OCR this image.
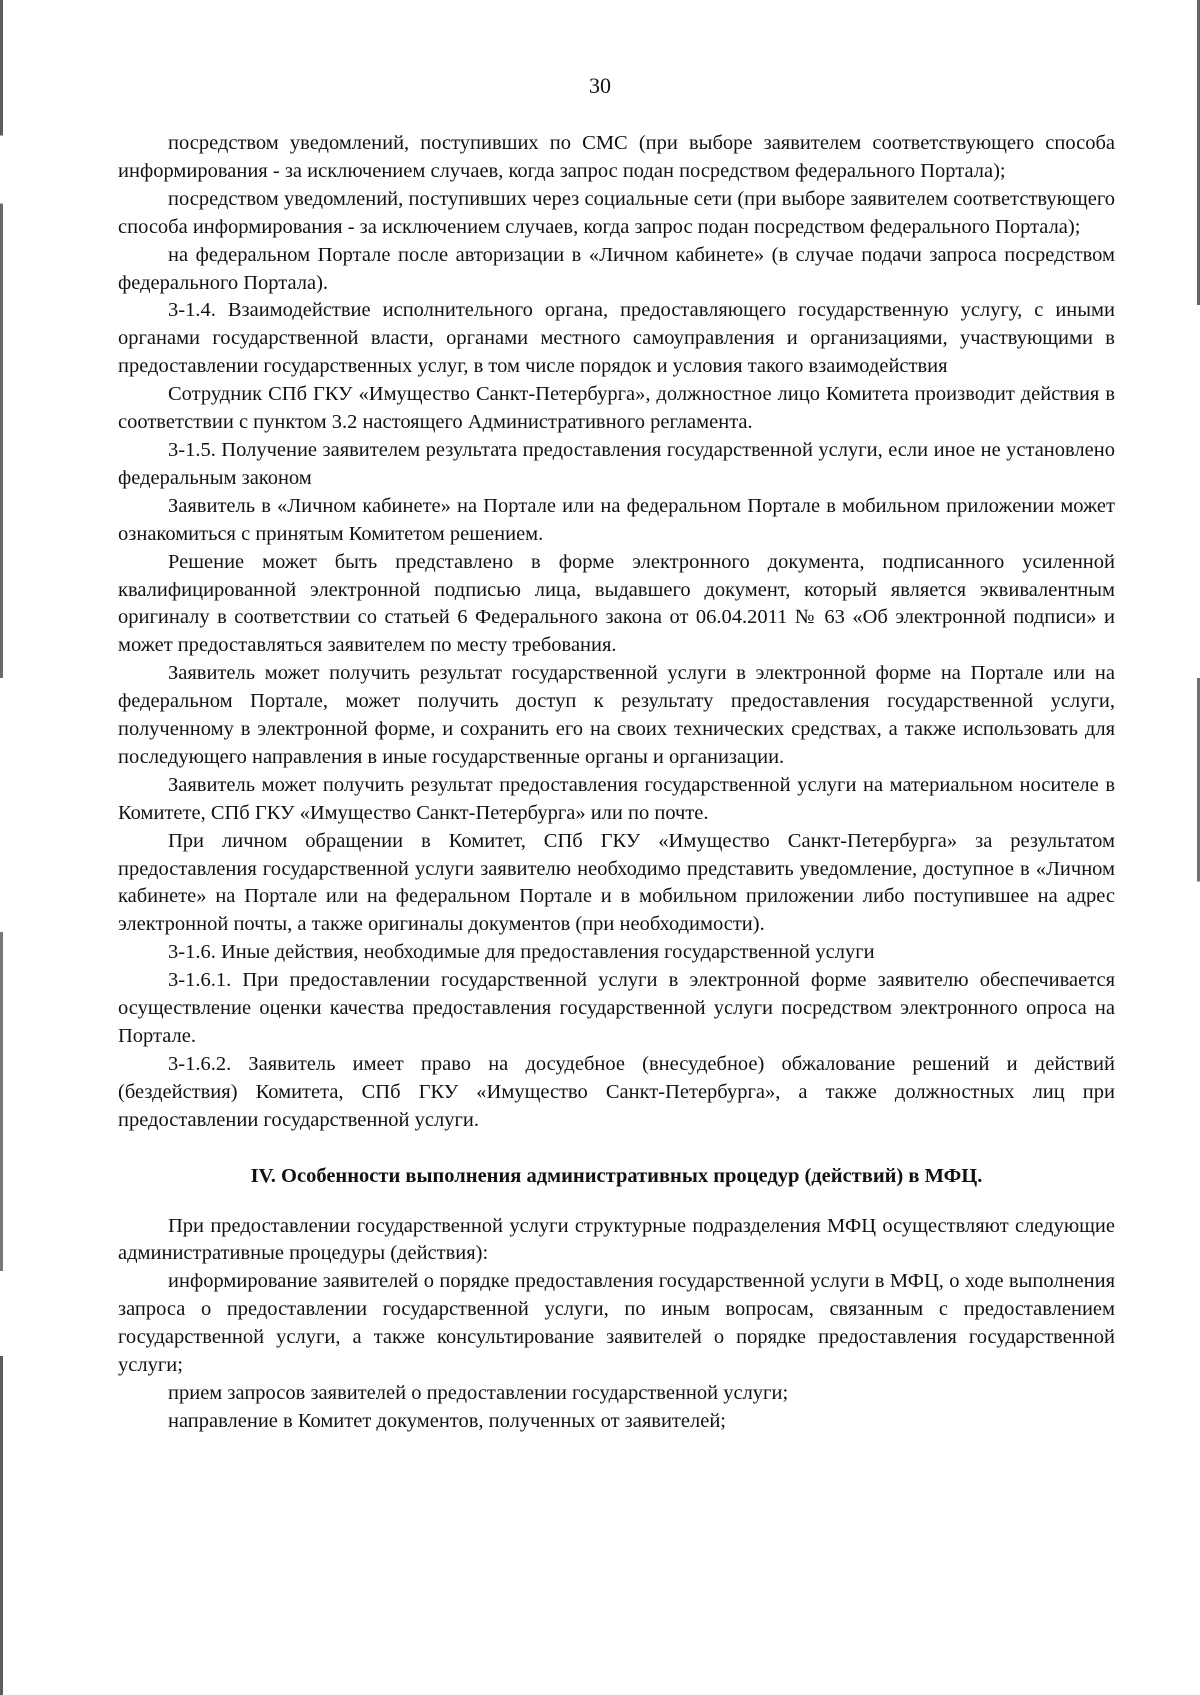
30

посредством уведомлений, поступивших по СМС (при выборе заявителем соответствующего способа информирования - за исключением случаев, когда запрос подан посредством федерального Портала);

посредством уведомлений, поступивших через социальные сети (при выборе заявителем соответствующего способа информирования - за исключением случаев, когда запрос подан посредством федерального Портала);

на федеральном Портале после авторизации в «Личном кабинете» (в случае подачи запроса посредством федерального Портала).

3-1.4. Взаимодействие исполнительного органа, предоставляющего государственную услугу, с иными органами государственной власти, органами местного самоуправления и организациями, участвующими в предоставлении государственных услуг, в том числе порядок и условия такого взаимодействия

Сотрудник СПб ГКУ «Имущество Санкт-Петербурга», должностное лицо Комитета производит действия в соответствии с пунктом 3.2 настоящего Административного регламента.

3-1.5. Получение заявителем результата предоставления государственной услуги, если иное не установлено федеральным законом

Заявитель в «Личном кабинете» на Портале или на федеральном Портале в мобильном приложении может ознакомиться с принятым Комитетом решением.

Решение может быть представлено в форме электронного документа, подписанного усиленной квалифицированной электронной подписью лица, выдавшего документ, который является эквивалентным оригиналу в соответствии со статьей 6 Федерального закона от 06.04.2011 № 63 «Об электронной подписи» и может предоставляться заявителем по месту требования.

Заявитель может получить результат государственной услуги в электронной форме на Портале или на федеральном Портале, может получить доступ к результату предоставления государственной услуги, полученному в электронной форме, и сохранить его на своих технических средствах, а также использовать для последующего направления в иные государственные органы и организации.

Заявитель может получить результат предоставления государственной услуги на материальном носителе в Комитете, СПб ГКУ «Имущество Санкт-Петербурга» или по почте.

При личном обращении в Комитет, СПб ГКУ «Имущество Санкт-Петербурга» за результатом предоставления государственной услуги заявителю необходимо представить уведомление, доступное в «Личном кабинете» на Портале или на федеральном Портале и в мобильном приложении либо поступившее на адрес электронной почты, а также оригиналы документов (при необходимости).

3-1.6. Иные действия, необходимые для предоставления государственной услуги

3-1.6.1. При предоставлении государственной услуги в электронной форме заявителю обеспечивается осуществление оценки качества предоставления государственной услуги посредством электронного опроса на Портале.

3-1.6.2. Заявитель имеет право на досудебное (внесудебное) обжалование решений и действий (бездействия) Комитета, СПб ГКУ «Имущество Санкт-Петербурга», а также должностных лиц при предоставлении государственной услуги.

IV. Особенности выполнения административных процедур (действий) в МФЦ.

При предоставлении государственной услуги структурные подразделения МФЦ осуществляют следующие административные процедуры (действия):

информирование заявителей о порядке предоставления государственной услуги в МФЦ, о ходе выполнения запроса о предоставлении государственной услуги, по иным вопросам, связанным с предоставлением государственной услуги, а также консультирование заявителей о порядке предоставления государственной услуги;

прием запросов заявителей о предоставлении государственной услуги;

направление в Комитет документов, полученных от заявителей;
